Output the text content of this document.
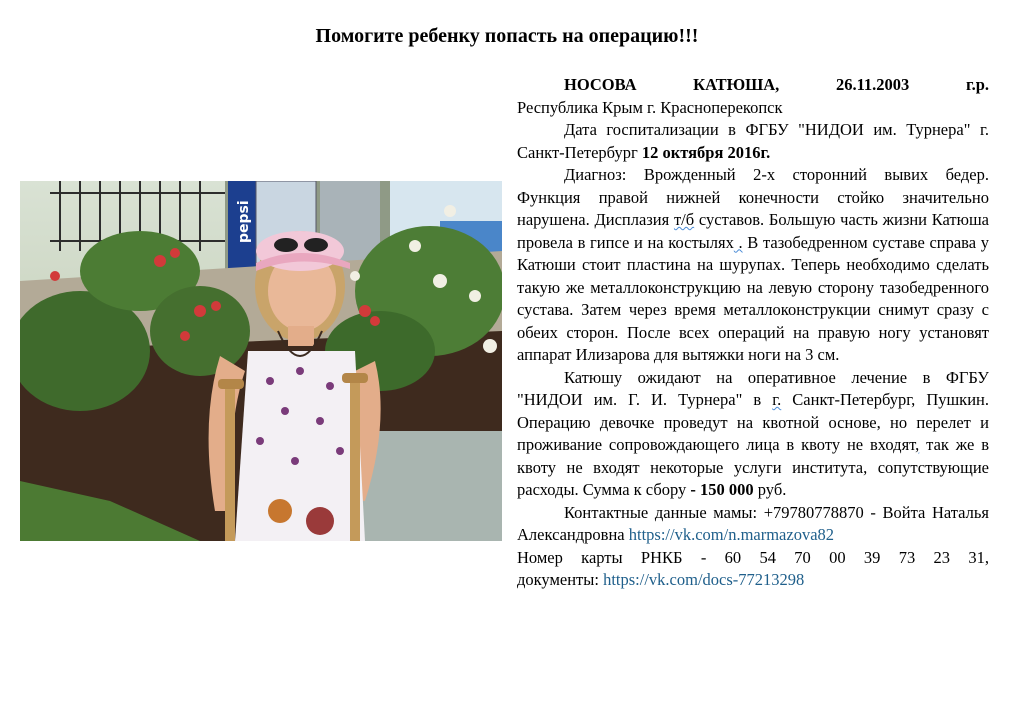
Помогите ребенку попасть на операцию!!!
pepsi

НОСОВА КАТЮША,	26.11.2003	г.р.

Республика Крым г. Красноперекопск

Дата госпитализации в ФГБУ "НИДОИ им. Турнера" г. Санкт-Петербург 12 октября 2016г.

Диагноз: Врожденный 2-х сторонний вывих бедер. Функция правой нижней конечности стойко значительно нарушена. Дисплазия т/б суставов. Большую часть жизни Катюша провела в гипсе и на костылях . В тазобедренном суставе справа у Катюши стоит пластина на шурупах. Теперь необходимо сделать такую же металлоконструкцию на левую сторону тазобедренного сустава. Затем через время металлоконструкции снимут сразу с обеих сторон. После всех операций на правую ногу установят аппарат Илизарова для вытяжки ноги на 3 см.

Катюшу ожидают на оперативное лечение в ФГБУ "НИДОИ им. Г. И. Турнера" в г. Санкт-Петербург, Пушкин. Операцию девочке проведут на квотной основе, но перелет и проживание сопровождающего лица в квоту не входят, так же в квоту не входят некоторые услуги института, сопутствующие расходы. Сумма к сбору - 150 000 руб.

Контактные данные мамы: +79780778870 - Войта Наталья Александровна https://vk.com/n.marmazova82

Номер карты РНКБ - 60 54 70 00 39 73 23 31,

документы: https://vk.com/docs-77213298
